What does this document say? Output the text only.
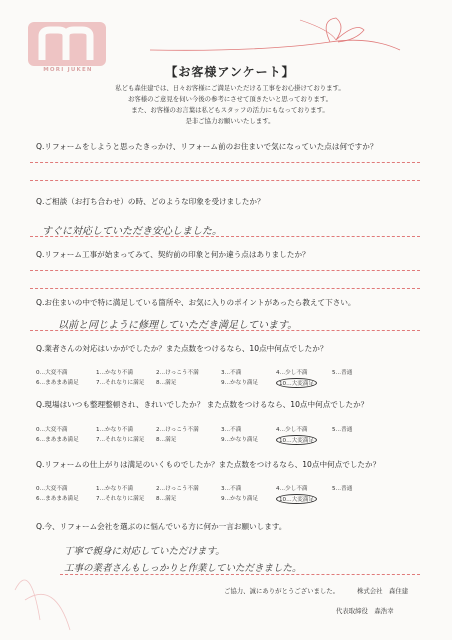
MORI JUKEN	【お客様アンケート】
私ども森住建では、日々お客様にご満足いただける工事をお心掛けております。
お客様のご意見を伺い今後の参考にさせて頂きたいと思っております。
また、お客様のお言葉は私どもスタッフの活力にもなっております。
是非ご協力お願いいたします。
Q.リフォームをしようと思ったきっかけ、リフォーム前のお住まいで気になっていた点は何ですか？
Q.ご相談（お打ち合わせ）の時、どのような印象を受けましたか？
すぐに対応していただき安心しました。
Q.リフォーム工事が始まってみて、契約前の印象と何か違う点はありましたか？
Q.お住まいの中で特に満足している箇所や、お気に入りのポイントがあったら教えて下さい。
以前と同じように修理していただき満足しています。
Q.業者さんの対応はいかがでしたか？また点数をつけるなら、10点中何点でしたか？
0…大変不満	1…かなり不満	2…けっこう不満	3…不満	4…少し不満	5…普通
6…まあまあ満足	7…それなりに満足 8…満足	9…かなり満足	10…大変満足
Q.現場はいつも整理整頓され、きれいでしたか？ また点数をつけるなら、10点中何点でしたか？
0…大変不満	1…かなり不満	2…けっこう不満	3…不満	4…少し不満	5…普通
6…まあまあ満足	7…それなりに満足 8…満足	9…かなり満足	10…大変満足
Q.リフォームの仕上がりは満足のいくものでしたか？また点数をつけるなら、10点中何点でしたか？
0…大変不満	1…かなり不満	2…けっこう不満	3…不満	4…少し不満	5…普通
6…まあまあ満足	7…それなりに満足 8…満足	9…かなり満足	10…大変満足
Q.今、リフォーム会社を選ぶのに悩んでいる方に何か一言お願いします。
丁寧で親身に対応していただけます。
工事の業者さんもしっかりと作業していただきました。
ご協力、誠にありがとうございました。	株式会社　森住建
代表取締役　森浩幸
